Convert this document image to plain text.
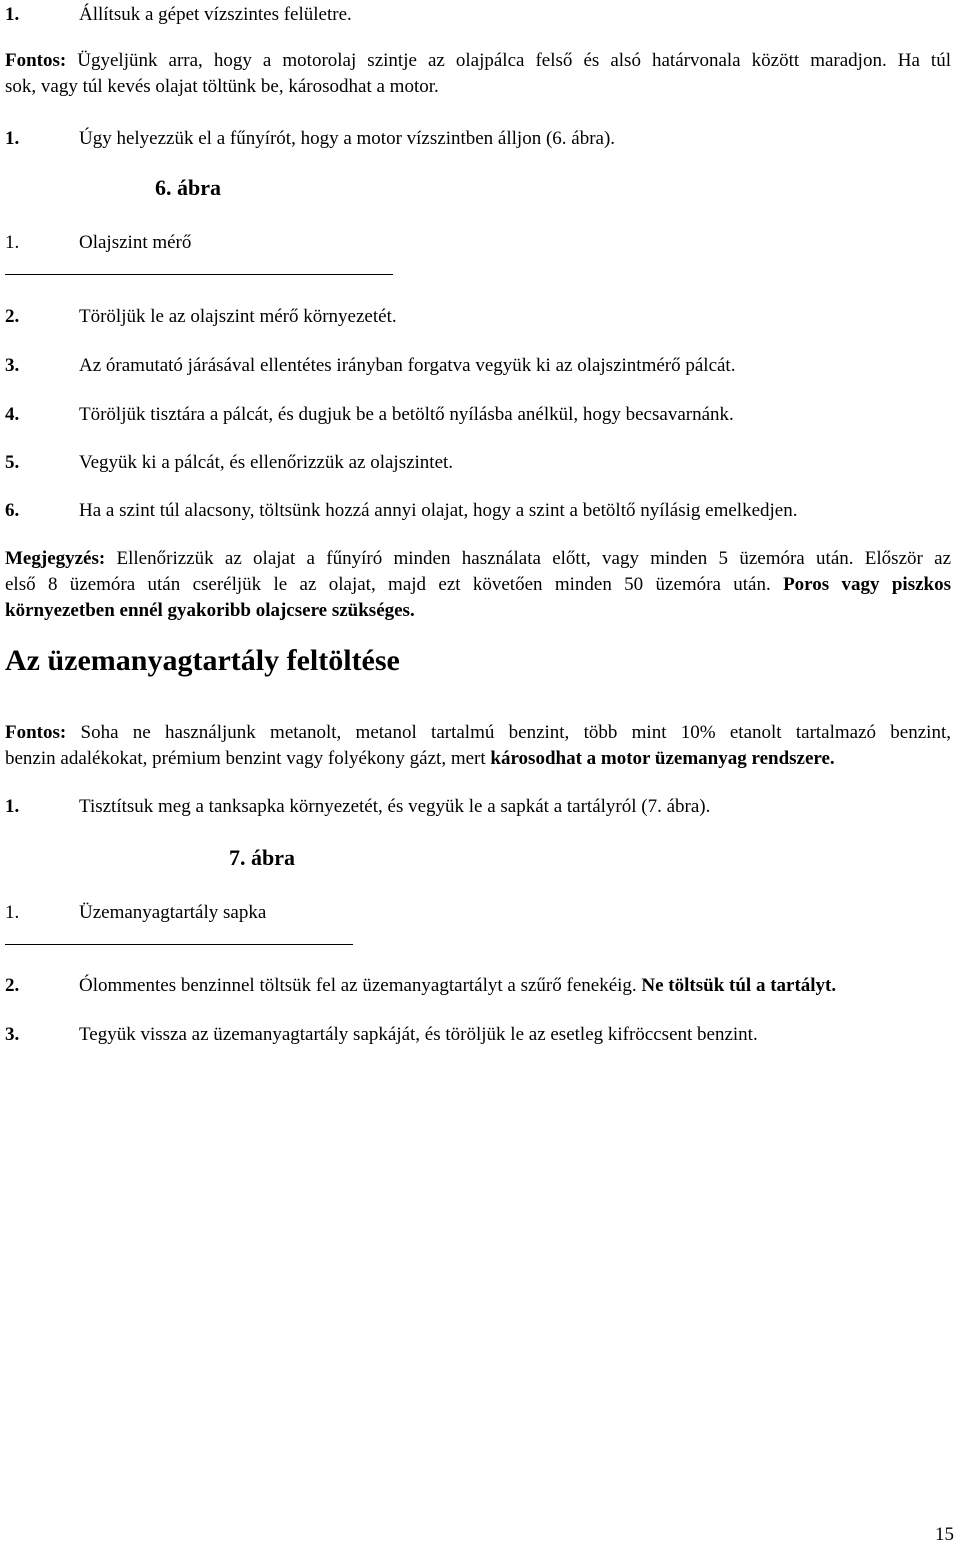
1.	Állítsuk a gépet vízszintes felületre.
Fontos: Ügyeljünk arra, hogy a motorolaj szintje az olajpálca felső és alsó határvonala között maradjon. Ha túl
sok, vagy túl kevés olajat töltünk be, károsodhat a motor.
1.	Úgy helyezzük el a fűnyírót, hogy a motor vízszintben álljon (6. ábra).
6. ábra
1.	Olajszint mérő
2.	Töröljük le az olajszint mérő környezetét.
3.	Az óramutató járásával ellentétes irányban forgatva vegyük ki az olajszintmérő pálcát.
4.	Töröljük tisztára a pálcát, és dugjuk be a betöltő nyílásba anélkül, hogy becsavarnánk.
5.	Vegyük ki a pálcát, és ellenőrizzük az olajszintet.
6.	Ha a szint túl alacsony, töltsünk hozzá annyi olajat, hogy a szint a betöltő nyílásig emelkedjen.
Megjegyzés: Ellenőrizzük az olajat a fűnyíró minden használata előtt, vagy minden 5 üzemóra után. Először az
első 8 üzemóra után cseréljük le az olajat, majd ezt követően minden 50 üzemóra után. Poros vagy piszkos
környezetben ennél gyakoribb olajcsere szükséges.
Az üzemanyagtartály feltöltése
Fontos: Soha ne használjunk metanolt, metanol tartalmú benzint, több mint 10% etanolt tartalmazó benzint,
benzin adalékokat, prémium benzint vagy folyékony gázt, mert károsodhat a motor üzemanyag rendszere.
1.	Tisztítsuk meg a tanksapka környezetét, és vegyük le a sapkát a tartályról (7. ábra).
7. ábra
1.	Üzemanyagtartály sapka
2.	Ólommentes benzinnel töltsük fel az üzemanyagtartályt a szűrő fenekéig. Ne töltsük túl a tartályt.
3.	Tegyük vissza az üzemanyagtartály sapkáját, és töröljük le az esetleg kifröccsent benzint.
15
